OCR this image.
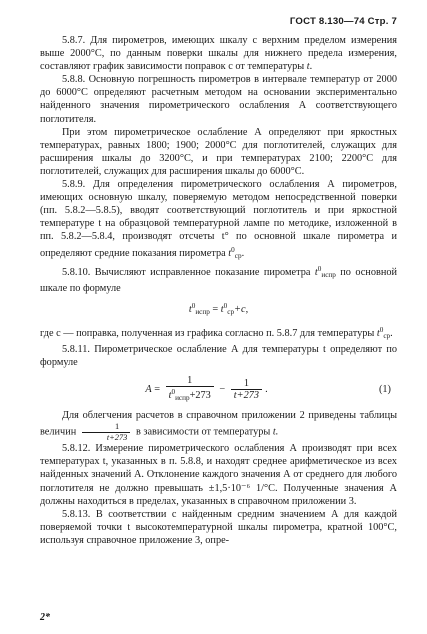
ГОСТ 8.130—74 Стр. 7

5.8.7. Для пирометров, имеющих шкалу с верхним пределом измерения выше 2000°С, по данным поверки шкалы для нижнего предела измерения, составляют график зависимости поправок с от температуры t.

5.8.8. Основную погрешность пирометров в интервале температур от 2000 до 6000°С определяют расчетным методом на основании экспериментально найденного значения пирометрического ослабления А соответствующего поглотителя.

При этом пирометрическое ослабление А определяют при яркостных температурах, равных 1800; 1900; 2000°С для поглотителей, служащих для расширения шкалы до 3200°С, и при температурах 2100; 2200°С для поглотителей, служащих для расширения шкалы до 6000°С.

5.8.9. Для определения пирометрического ослабления А пирометров, имеющих основную шкалу, поверяемую методом непосредственной поверки (пп. 5.8.2—5.8.5), вводят соответствующий поглотитель и при яркостной температуре t на образцовой температурной лампе по методике, изложенной в пп. 5.8.2—5.8.4, производят отсчеты t° по основной шкале пирометра и определяют средние показания пирометра $t^0_{ср}$.

5.8.10. Вычисляют исправленное показание пирометра $t^0_{испр}$ по основной шкале по формуле

$t^0_{испр} = t^0_{ср}+c$,

где с — поправка, полученная из графика согласно п. 5.8.7 для температуры $t^0_{ср}$.

5.8.11. Пирометрическое ослабление А для температуры t определяют по формуле

$A = \frac{1}{t^0_{испр}+273} - \frac{1}{t+273}$ .	(1)

Для облегчения расчетов в справочном приложении 2 приведены таблицы величин $\frac{1}{t+273}$ в зависимости от температуры t.

5.8.12. Измерение пирометрического ослабления А производят при всех температурах t, указанных в п. 5.8.8, и находят среднее арифметическое из всех найденных значений А. Отклонение каждого значения А от среднего для любого поглотителя не должно превышать ±1,5·10⁻⁶ 1/°С. Полученные значения А должны находиться в пределах, указанных в справочном приложении 3.

5.8.13. В соответствии с найденным средним значением А для каждой поверяемой точки t высокотемпературной шкалы пирометра, кратной 100°С, используя справочное приложение 3, опре-

2*
